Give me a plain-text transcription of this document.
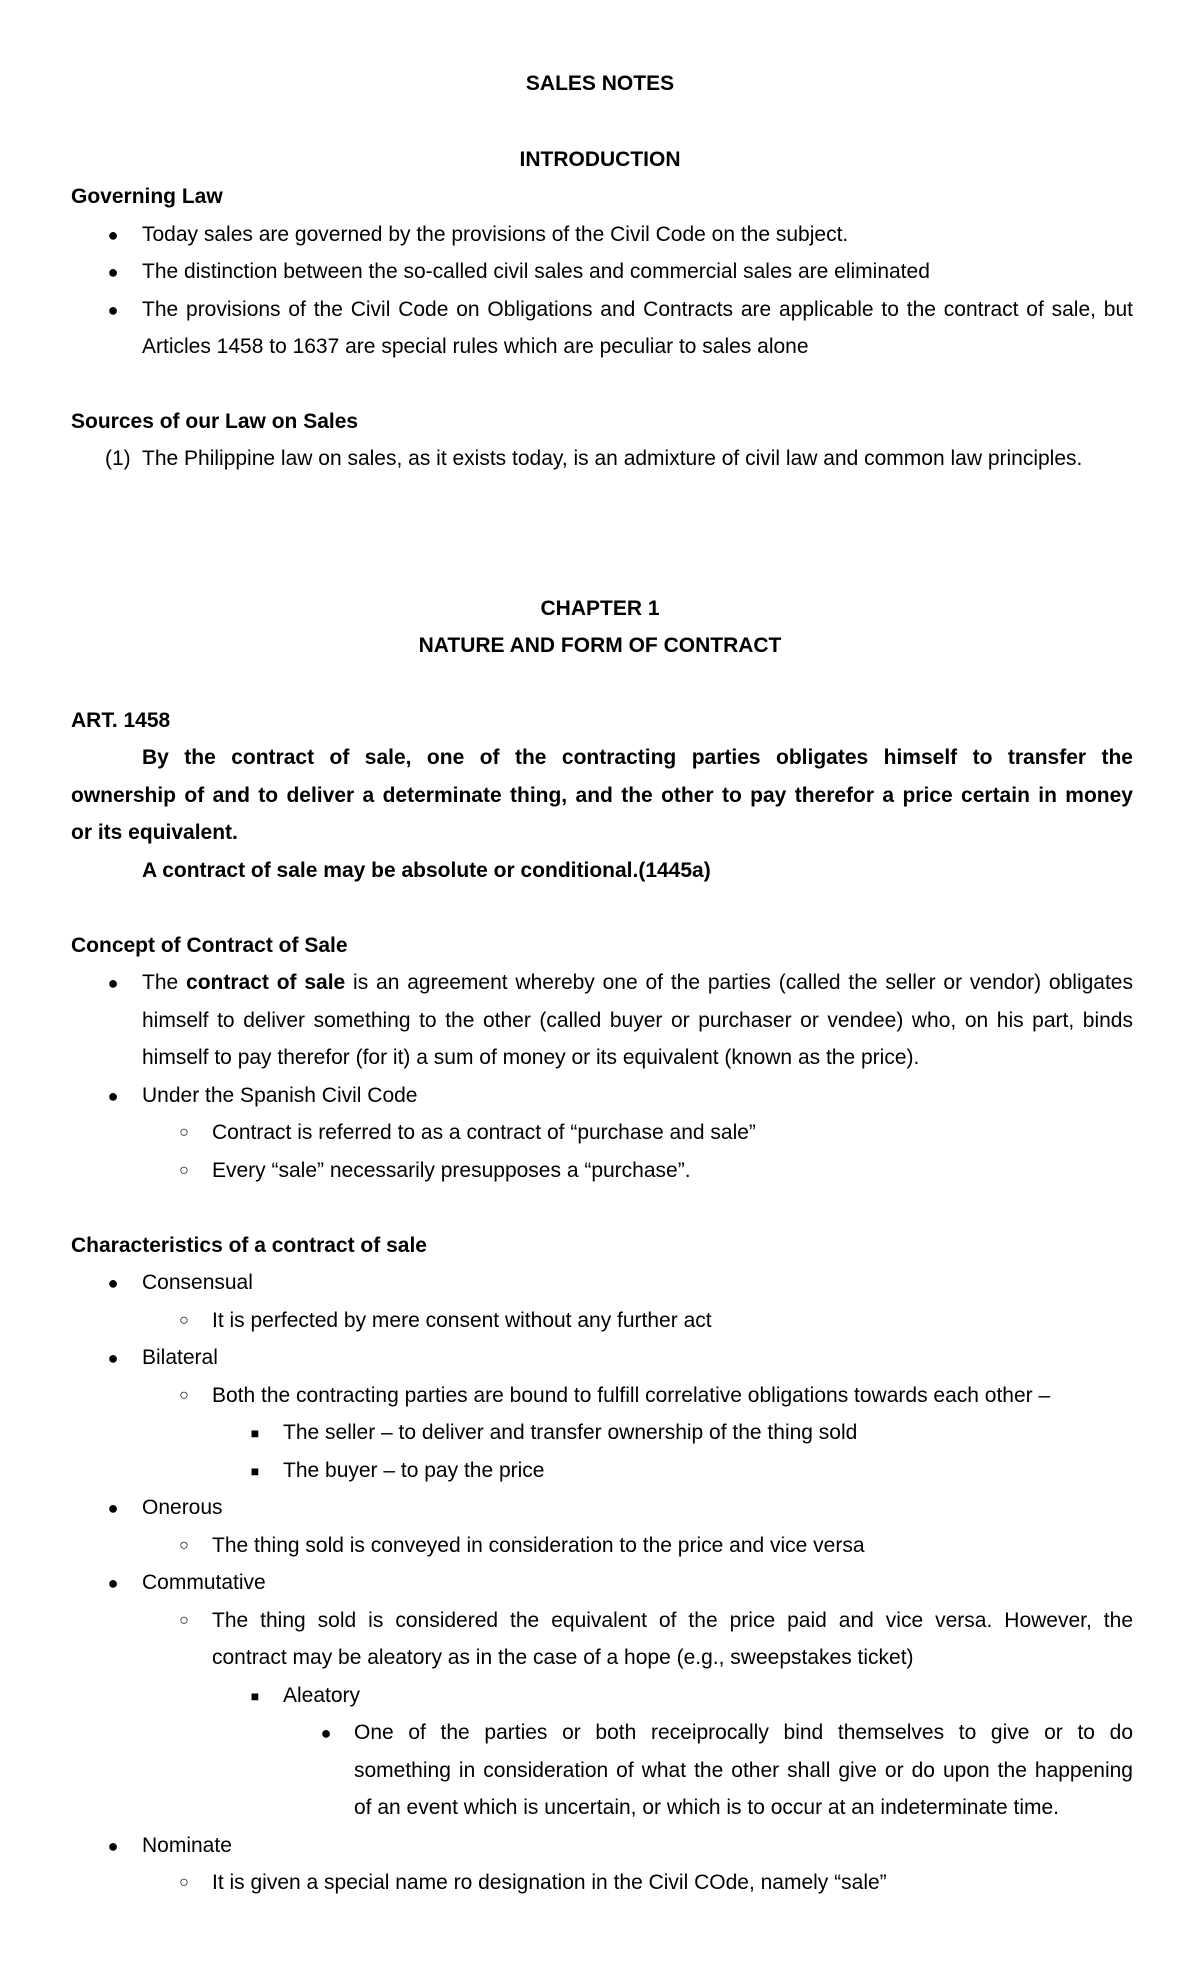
SALES NOTES
INTRODUCTION
Governing Law
● Today sales are governed by the provisions of the Civil Code on the subject.
● The distinction between the so-called civil sales and commercial sales are eliminated
● The provisions of the Civil Code on Obligations and Contracts are applicable to the contract of sale, but
Articles 1458 to 1637 are special rules which are peculiar to sales alone
Sources of our Law on Sales
(1) The Philippine law on sales, as it exists today, is an admixture of civil law and common law principles.
CHAPTER 1
NATURE AND FORM OF CONTRACT
ART. 1458
By the contract of sale, one of the contracting parties obligates himself to transfer the
ownership of and to deliver a determinate thing, and the other to pay therefor a price certain in money
or its equivalent.
A contract of sale may be absolute or conditional.(1445a)
Concept of Contract of Sale
● The contract of sale is an agreement whereby one of the parties (called the seller or vendor) obligates
himself to deliver something to the other (called buyer or purchaser or vendee) who, on his part, binds
himself to pay therefor (for it) a sum of money or its equivalent (known as the price).
● Under the Spanish Civil Code
○ Contract is referred to as a contract of “purchase and sale”
○ Every “sale” necessarily presupposes a “purchase”.
Characteristics of a contract of sale
● Consensual
○ It is perfected by mere consent without any further act
● Bilateral
○ Both the contracting parties are bound to fulfill correlative obligations towards each other –
■ The seller – to deliver and transfer ownership of the thing sold
■ The buyer – to pay the price
● Onerous
○ The thing sold is conveyed in consideration to the price and vice versa
● Commutative
○ The thing sold is considered the equivalent of the price paid and vice versa. However, the
contract may be aleatory as in the case of a hope (e.g., sweepstakes ticket)
■ Aleatory
● One of the parties or both receiprocally bind themselves to give or to do
something in consideration of what the other shall give or do upon the happening
of an event which is uncertain, or which is to occur at an indeterminate time.
● Nominate
○ It is given a special name ro designation in the Civil COde, namely “sale”
